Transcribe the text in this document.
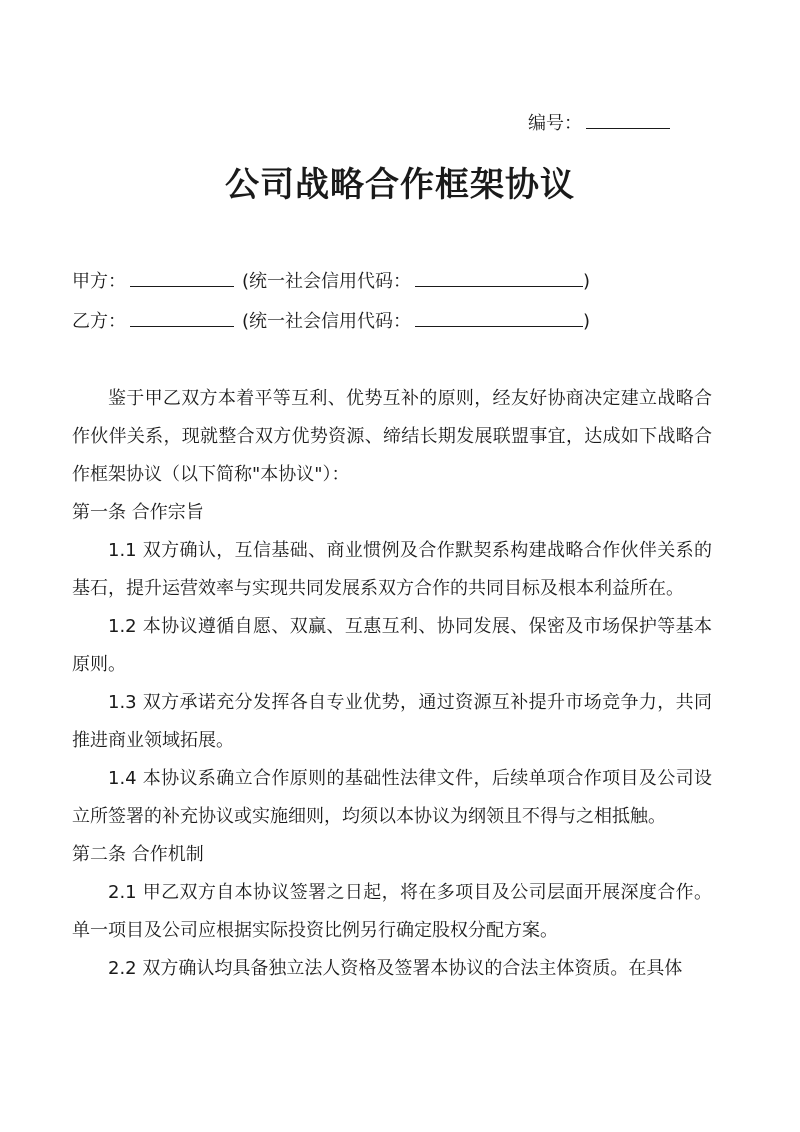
编号：
公司战略合作框架协议
甲方：	(统一社会信用代码：	)
乙方：	(统一社会信用代码：	)

鉴于甲乙双方本着平等互利、优势互补的原则，经友好协商决定建立战略合作伙伴关系，现就整合双方优势资源、缔结长期发展联盟事宜，达成如下战略合作框架协议（以下简称"本协议"）：

第一条 合作宗旨

1.1 双方确认，互信基础、商业惯例及合作默契系构建战略合作伙伴关系的基石，提升运营效率与实现共同发展系双方合作的共同目标及根本利益所在。

1.2 本协议遵循自愿、双赢、互惠互利、协同发展、保密及市场保护等基本原则。

1.3 双方承诺充分发挥各自专业优势，通过资源互补提升市场竞争力，共同推进商业领域拓展。

1.4 本协议系确立合作原则的基础性法律文件，后续单项合作项目及公司设立所签署的补充协议或实施细则，均须以本协议为纲领且不得与之相抵触。

第二条 合作机制

2.1 甲乙双方自本协议签署之日起，将在多项目及公司层面开展深度合作。单一项目及公司应根据实际投资比例另行确定股权分配方案。

2.2 双方确认均具备独立法人资格及签署本协议的合法主体资质。在具体
